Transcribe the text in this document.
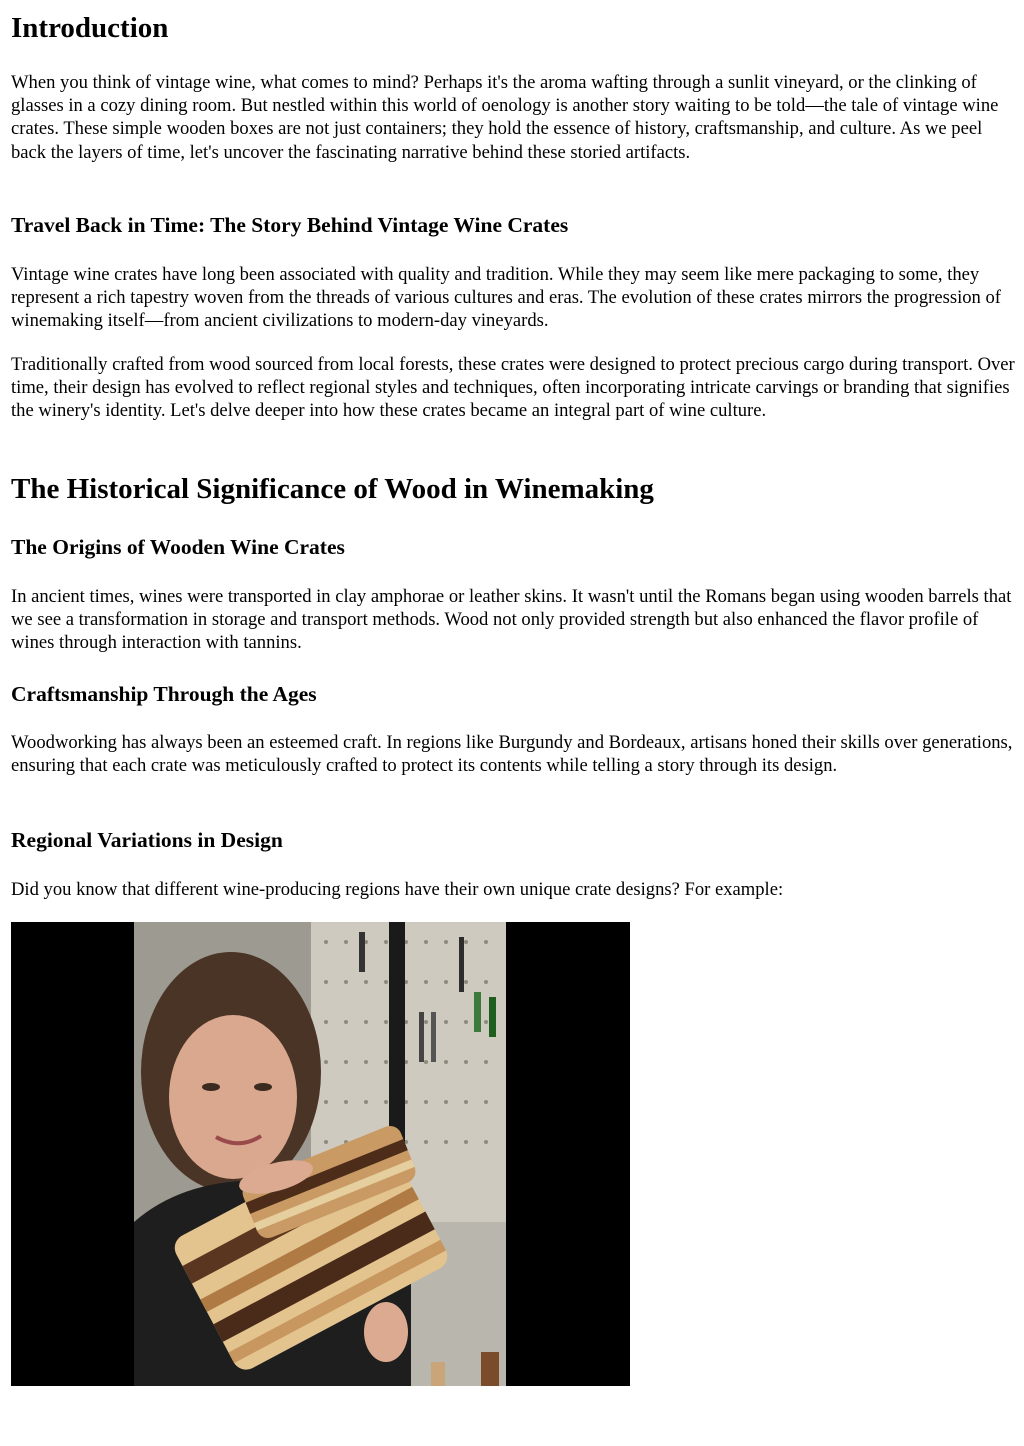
Introduction

When you think of vintage wine, what comes to mind? Perhaps it's the aroma wafting through a sunlit vineyard, or the clinking of glasses in a cozy dining room. But nestled within this world of oenology is another story waiting to be told—the tale of vintage wine crates. These simple wooden boxes are not just containers; they hold the essence of history, craftsmanship, and culture. As we peel back the layers of time, let's uncover the fascinating narrative behind these storied artifacts.

Travel Back in Time: The Story Behind Vintage Wine Crates

Vintage wine crates have long been associated with quality and tradition. While they may seem like mere packaging to some, they represent a rich tapestry woven from the threads of various cultures and eras. The evolution of these crates mirrors the progression of winemaking itself—from ancient civilizations to modern-day vineyards.

Traditionally crafted from wood sourced from local forests, these crates were designed to protect precious cargo during transport. Over time, their design has evolved to reflect regional styles and techniques, often incorporating intricate carvings or branding that signifies the winery's identity. Let's delve deeper into how these crates became an integral part of wine culture.

The Historical Significance of Wood in Winemaking
The Origins of Wooden Wine Crates

In ancient times, wines were transported in clay amphorae or leather skins. It wasn't until the Romans began using wooden barrels that we see a transformation in storage and transport methods. Wood not only provided strength but also enhanced the flavor profile of wines through interaction with tannins.

Craftsmanship Through the Ages

Woodworking has always been an esteemed craft. In regions like Burgundy and Bordeaux, artisans honed their skills over generations, ensuring that each crate was meticulously crafted to protect its contents while telling a story through its design.

Regional Variations in Design

Did you know that different wine-producing regions have their own unique crate designs? For example:
